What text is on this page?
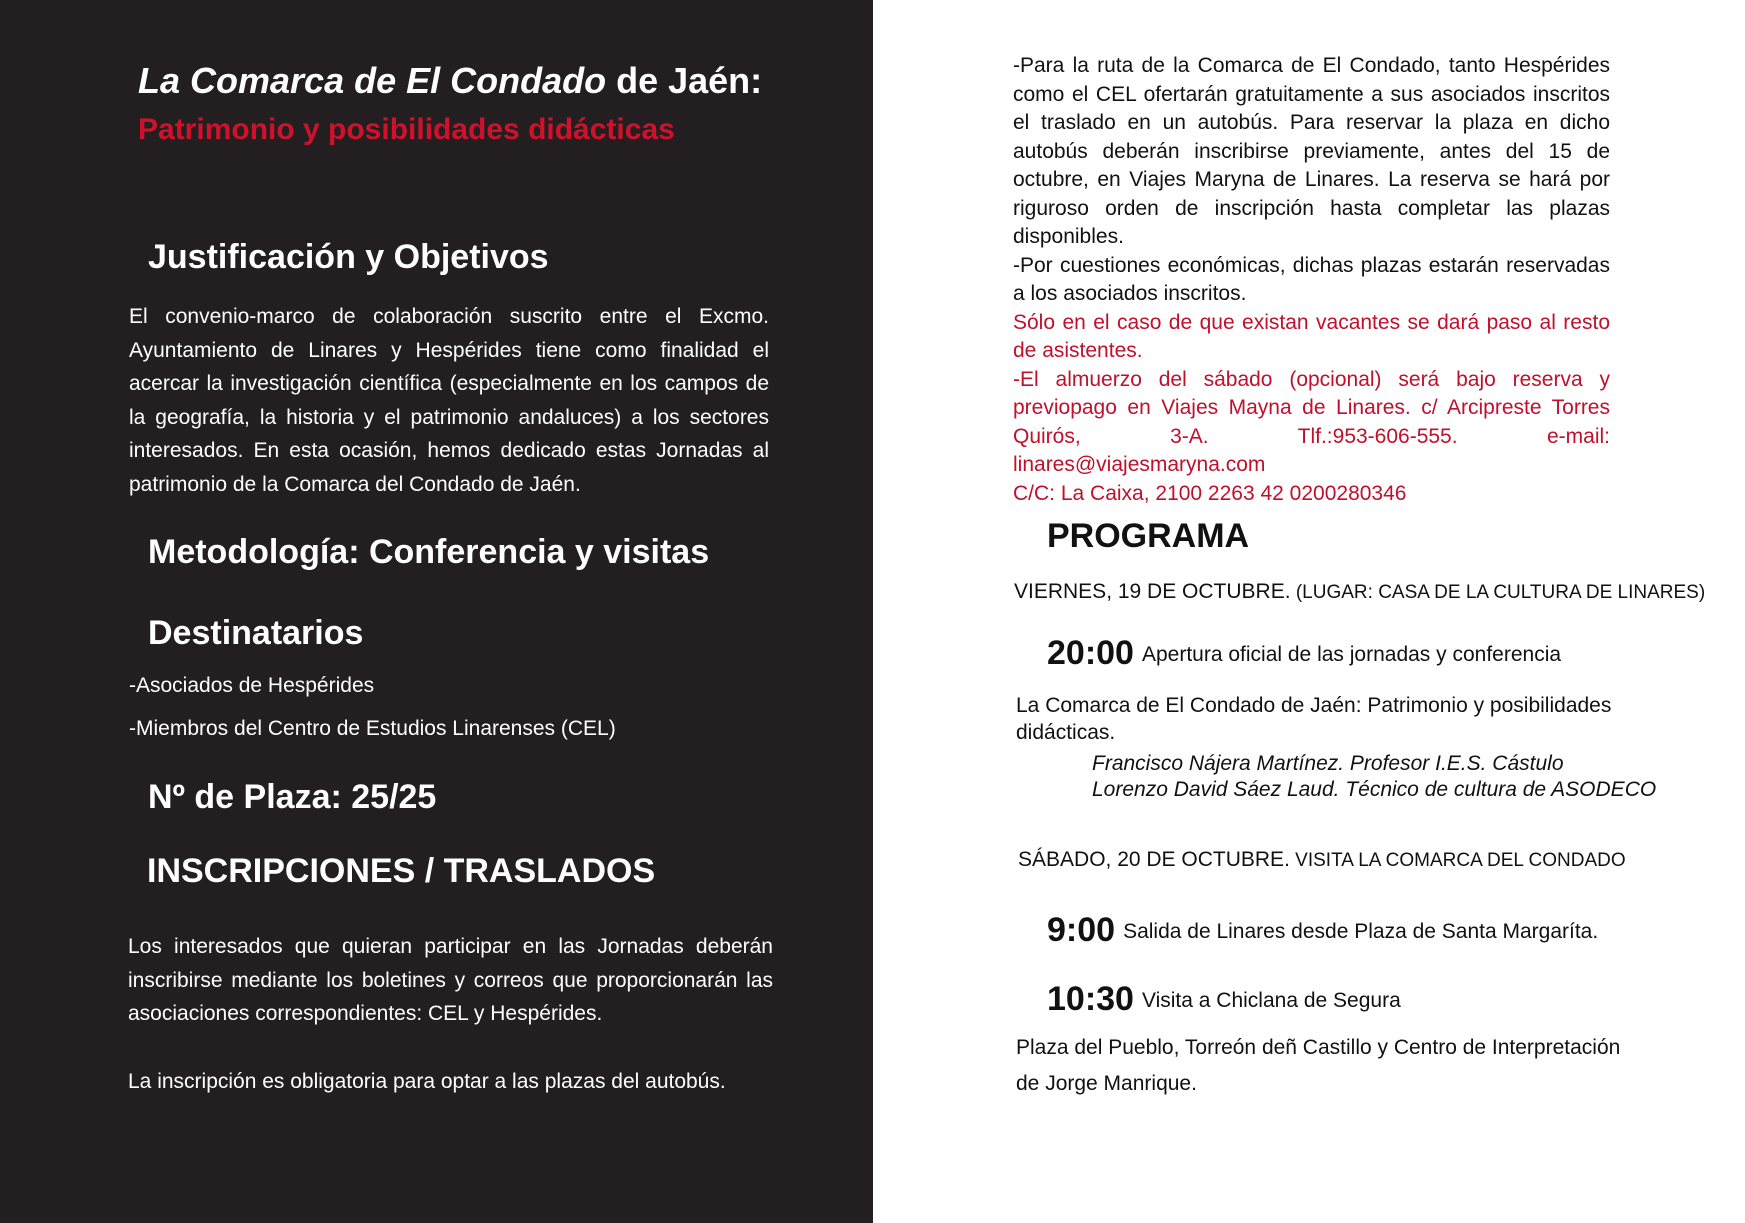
La Comarca de El Condado de Jaén:
Patrimonio y posibilidades didácticas
Justificación y Objetivos

El convenio-marco de colaboración suscrito entre el Excmo. Ayuntamiento de Linares y Hespérides tiene como finalidad el acercar la investigación científica (especialmente en los campos de la geografía, la historia y el patrimonio andaluces) a los sectores interesados. En esta ocasión, hemos dedicado estas Jornadas al patrimonio de la Comarca del Condado de Jaén.

Metodología: Conferencia y visitas
Destinatarios
-Asociados de Hespérides
-Miembros del Centro de Estudios Linarenses (CEL)
Nº de Plaza: 25/25
INSCRIPCIONES / TRASLADOS

Los interesados que quieran participar en las Jornadas deberán inscribirse mediante los boletines y correos que proporcionarán las asociaciones correspondientes: CEL y Hespérides.

La inscripción es obligatoria para optar a las plazas del autobús.

-Para la ruta de la Comarca de El Condado, tanto Hespérides como el CEL ofertarán gratuitamente a sus asociados inscritos el traslado en un autobús. Para reservar la plaza en dicho autobús deberán inscribirse previamente, antes del 15 de octubre, en Viajes Maryna de Linares. La reserva se hará por riguroso orden de inscripción hasta completar las plazas disponibles.

-Por cuestiones económicas, dichas plazas estarán reservadas a los asociados inscritos.

Sólo en el caso de que existan vacantes se dará paso al resto de asistentes.

-El almuerzo del sábado (opcional) será bajo reserva y previopago en Viajes Mayna de Linares. c/ Arcipreste Torres Quirós, 3-A. Tlf.:953-606-555. e-mail: linares@viajesmaryna.com

C/C: La Caixa, 2100 2263 42 0200280346

PROGRAMA
VIERNES, 19 DE OCTUBRE. (LUGAR: CASA DE LA CULTURA DE LINARES)
20:00 Apertura oficial de las jornadas y conferencia
La Comarca de El Condado de Jaén: Patrimonio y posibilidades didácticas.
Francisco Nájera Martínez. Profesor I.E.S. Cástulo
Lorenzo David Sáez Laud. Técnico de cultura de ASODECO
SÁBADO, 20 DE OCTUBRE. VISITA LA COMARCA DEL CONDADO
9:00 Salida de Linares desde Plaza de Santa Margaríta.
10:30 Visita a Chiclana de Segura
Plaza del Pueblo, Torreón deñ Castillo y Centro de Interpretación de Jorge Manrique.
